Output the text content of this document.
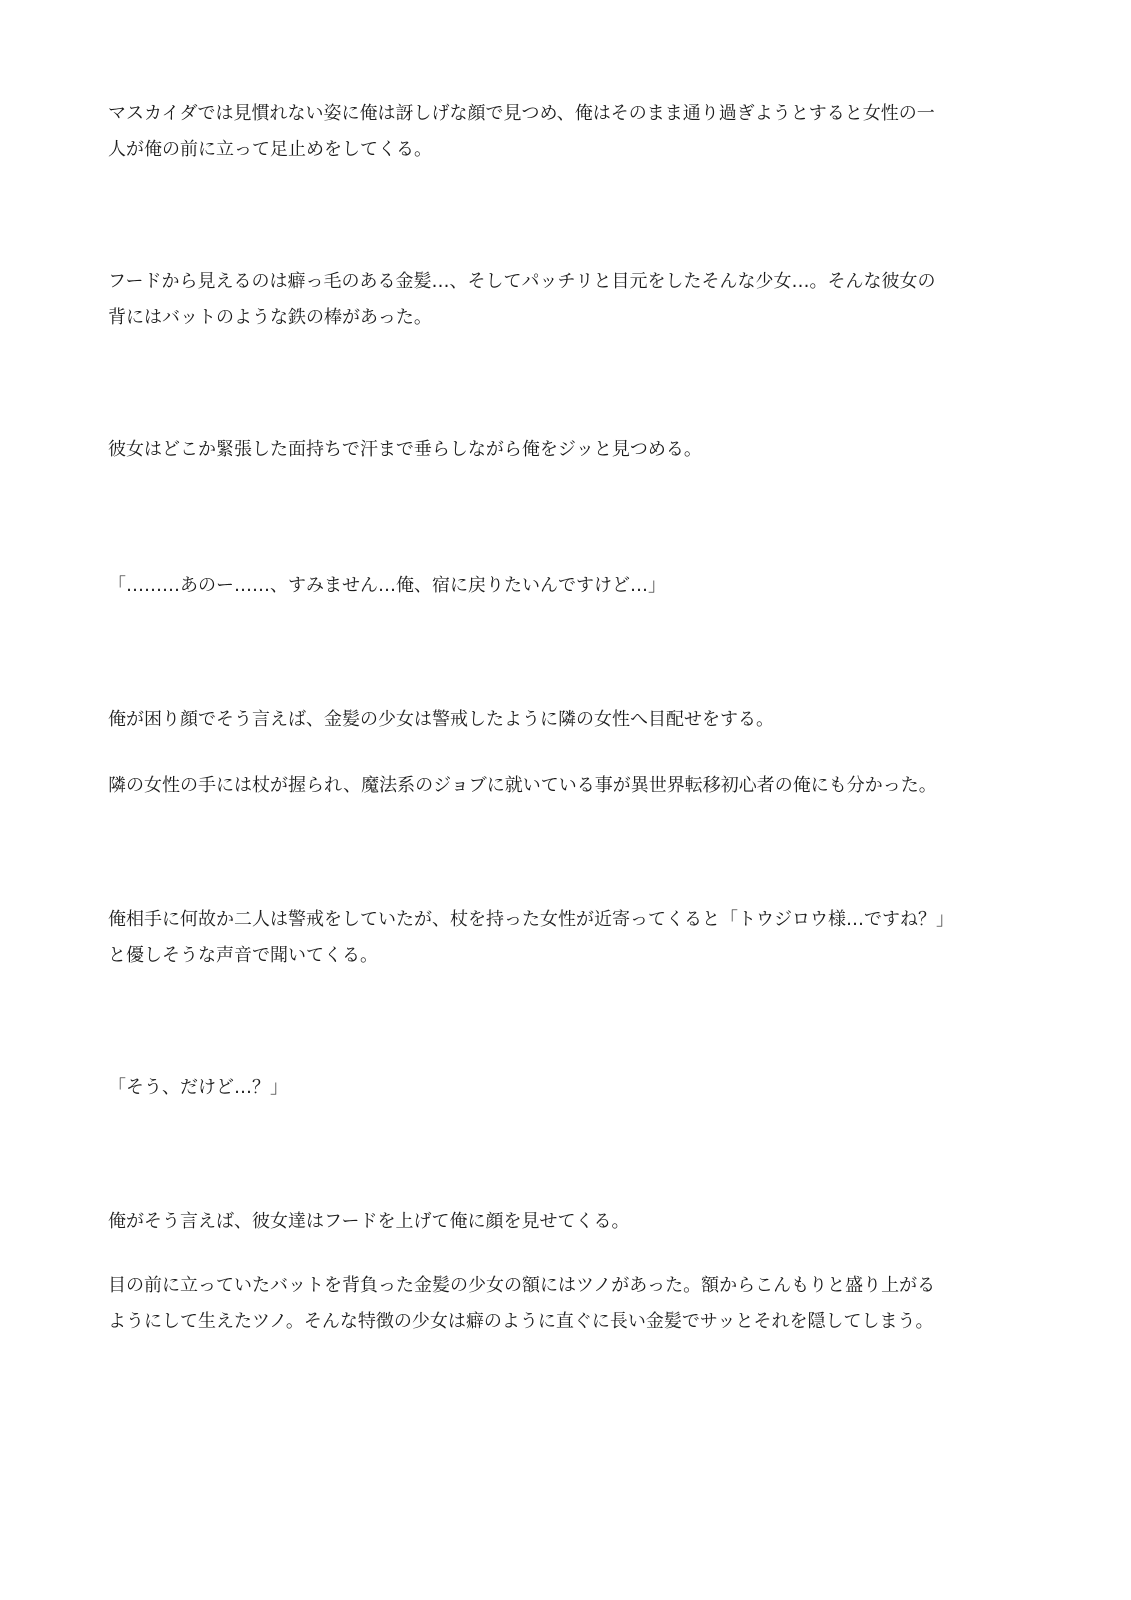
マスカイダでは見慣れない姿に俺は訝しげな顔で見つめ、俺はそのまま通り過ぎようとすると女性の一
人が俺の前に立って足止めをしてくる。

フードから見えるのは癖っ毛のある金髪…、そしてパッチリと目元をしたそんな少女…。そんな彼女の
背にはバットのような鉄の棒があった。

彼女はどこか緊張した面持ちで汗まで垂らしながら俺をジッと見つめる。

「………あのー……、すみません…俺、宿に戻りたいんですけど…」

俺が困り顔でそう言えば、金髪の少女は警戒したように隣の女性へ目配せをする。

隣の女性の手には杖が握られ、魔法系のジョブに就いている事が異世界転移初心者の俺にも分かった。

俺相手に何故か二人は警戒をしていたが、杖を持った女性が近寄ってくると「トウジロウ様…ですね？」
と優しそうな声音で聞いてくる。

「そう、だけど…？」

俺がそう言えば、彼女達はフードを上げて俺に顔を見せてくる。

目の前に立っていたバットを背負った金髪の少女の額にはツノがあった。額からこんもりと盛り上がる
ようにして生えたツノ。そんな特徴の少女は癖のように直ぐに長い金髪でサッとそれを隠してしまう。
